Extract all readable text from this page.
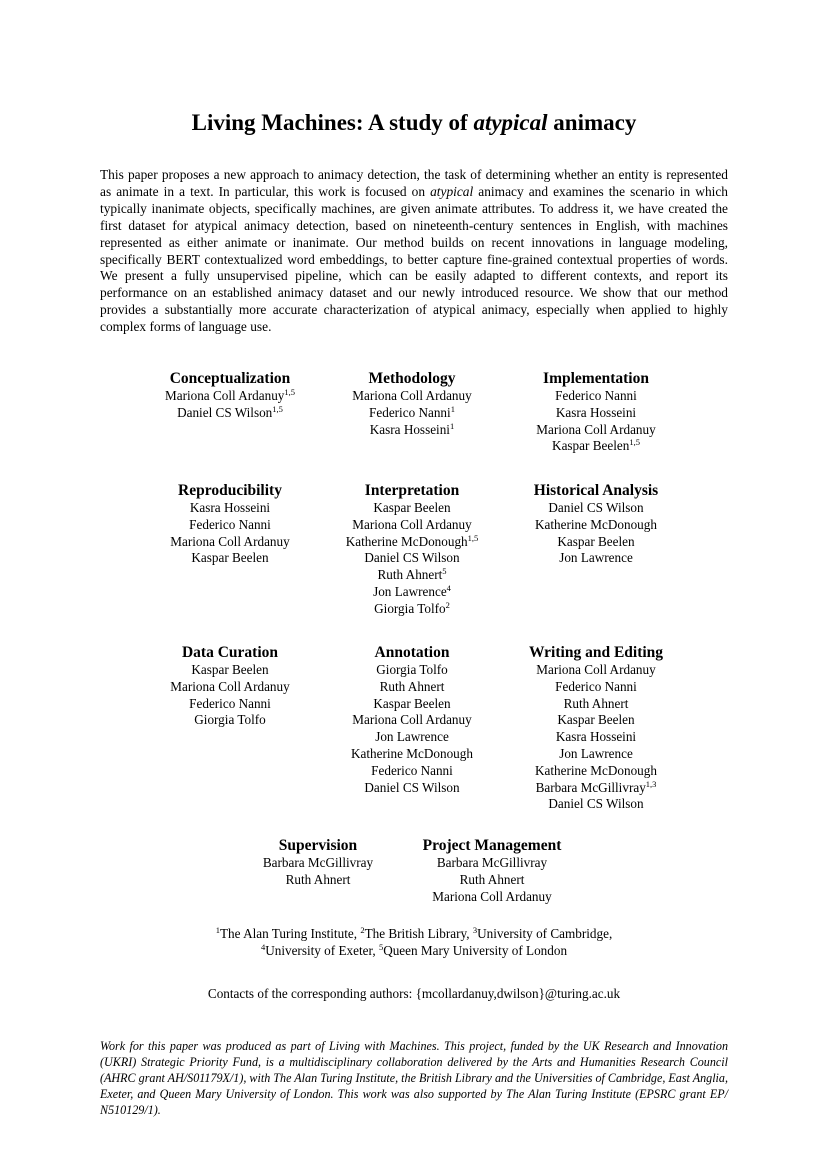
Living Machines: A study of atypical animacy
This paper proposes a new approach to animacy detection, the task of determining whether an entity is represented as animate in a text. In particular, this work is focused on atypical animacy and examines the scenario in which typically inanimate objects, specifically machines, are given animate attributes. To address it, we have created the first dataset for atypical animacy detection, based on nineteenth-century sentences in English, with machines represented as either animate or inanimate. Our method builds on recent innovations in language modeling, specifically BERT contextualized word embeddings, to better capture fine-grained contextual properties of words. We present a fully unsupervised pipeline, which can be easily adapted to different contexts, and report its performance on an established animacy dataset and our newly introduced resource. We show that our method provides a substantially more accurate characterization of atypical animacy, especially when applied to highly complex forms of language use.
Conceptualization
Mariona Coll Ardanuy$^{1,5}$
Daniel CS Wilson$^{1,5}$
Methodology
Mariona Coll Ardanuy
Federico Nanni$^1$
Kasra Hosseini$^1$
Implementation
Federico Nanni
Kasra Hosseini
Mariona Coll Ardanuy
Kaspar Beelen$^{1,5}$
Reproducibility
Kasra Hosseini
Federico Nanni
Mariona Coll Ardanuy
Kaspar Beelen
Interpretation
Kaspar Beelen
Mariona Coll Ardanuy
Katherine McDonough$^{1,5}$
Daniel CS Wilson
Ruth Ahnert$^5$
Jon Lawrence$^4$
Giorgia Tolfo$^2$
Historical Analysis
Daniel CS Wilson
Katherine McDonough
Kaspar Beelen
Jon Lawrence
Data Curation
Kaspar Beelen
Mariona Coll Ardanuy
Federico Nanni
Giorgia Tolfo
Annotation
Giorgia Tolfo
Ruth Ahnert
Kaspar Beelen
Mariona Coll Ardanuy
Jon Lawrence
Katherine McDonough
Federico Nanni
Daniel CS Wilson
Writing and Editing
Mariona Coll Ardanuy
Federico Nanni
Ruth Ahnert
Kaspar Beelen
Kasra Hosseini
Jon Lawrence
Katherine McDonough
Barbara McGillivray$^{1,3}$
Daniel CS Wilson
Supervision
Barbara McGillivray
Ruth Ahnert
Project Management
Barbara McGillivray
Ruth Ahnert
Mariona Coll Ardanuy
$^1$The Alan Turing Institute, $^2$The British Library, $^3$University of Cambridge,
$^4$University of Exeter, $^5$Queen Mary University of London
Contacts of the corresponding authors: {mcollardanuy,dwilson}@turing.ac.uk
Work for this paper was produced as part of Living with Machines. This project, funded by the UK Research and Innovation (UKRI) Strategic Priority Fund, is a multidisciplinary collaboration delivered by the Arts and Humanities Research Council (AHRC grant AH/S01179X/1), with The Alan Turing Institute, the British Library and the Universities of Cambridge, East Anglia, Exeter, and Queen Mary University of London. This work was also supported by The Alan Turing Institute (EPSRC grant EP/ N510129/1).
